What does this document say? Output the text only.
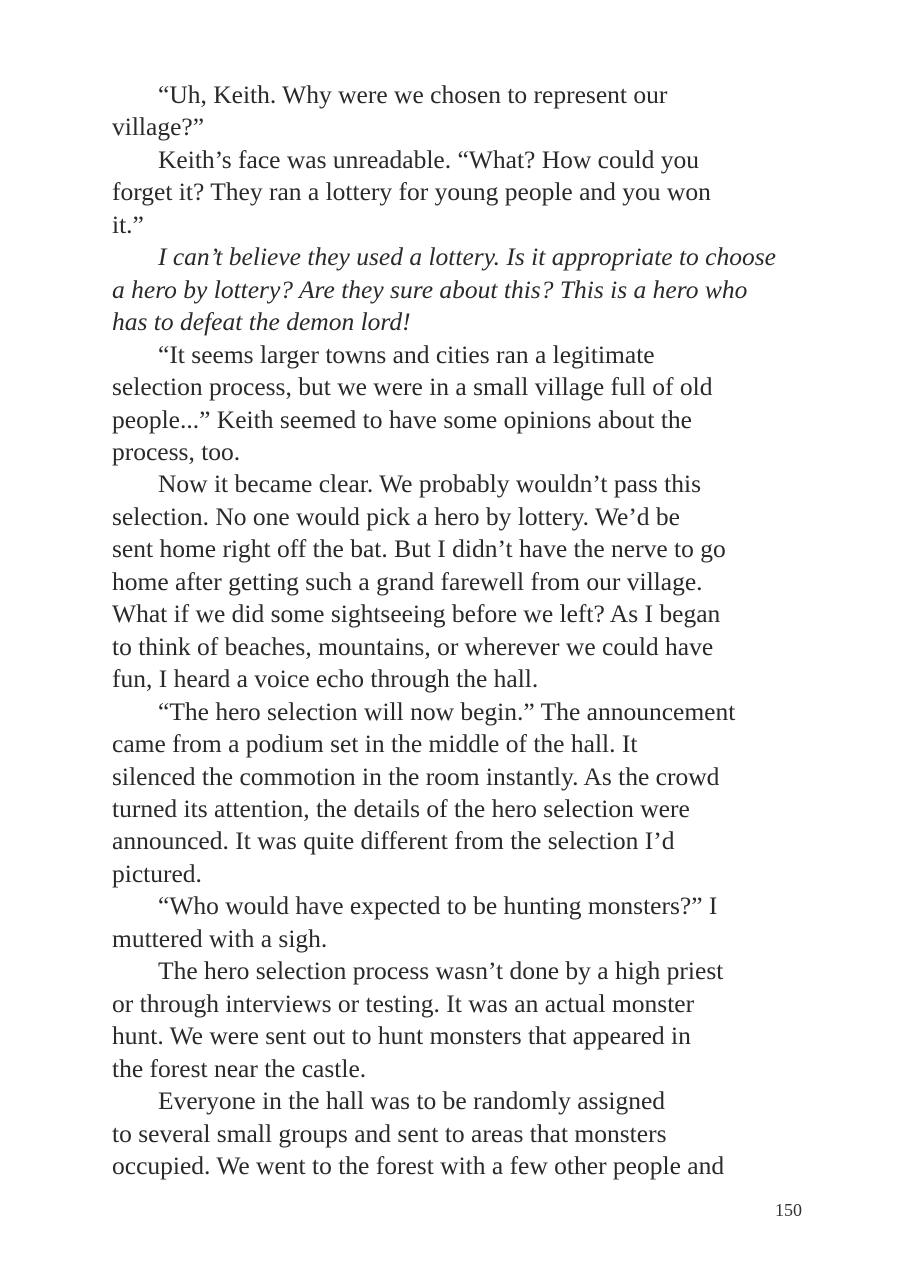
“Uh, Keith. Why were we chosen to represent our
village?”
Keith’s face was unreadable. “What? How could you
forget it? They ran a lottery for young people and you won
it.”
I can’t believe they used a lottery. Is it appropriate to choose
a hero by lottery? Are they sure about this? This is a hero who
has to defeat the demon lord!
“It seems larger towns and cities ran a legitimate
selection process, but we were in a small village full of old
people...” Keith seemed to have some opinions about the
process, too.
Now it became clear. We probably wouldn’t pass this
selection. No one would pick a hero by lottery. We’d be
sent home right off the bat. But I didn’t have the nerve to go
home after getting such a grand farewell from our village.
What if we did some sightseeing before we left? As I began
to think of beaches, mountains, or wherever we could have
fun, I heard a voice echo through the hall.
“The hero selection will now begin.” The announcement
came from a podium set in the middle of the hall. It
silenced the commotion in the room instantly. As the crowd
turned its attention, the details of the hero selection were
announced. It was quite different from the selection I’d
pictured.
“Who would have expected to be hunting monsters?” I
muttered with a sigh.
The hero selection process wasn’t done by a high priest
or through interviews or testing. It was an actual monster
hunt. We were sent out to hunt monsters that appeared in
the forest near the castle.
Everyone in the hall was to be randomly assigned
to several small groups and sent to areas that monsters
occupied. We went to the forest with a few other people and
150
